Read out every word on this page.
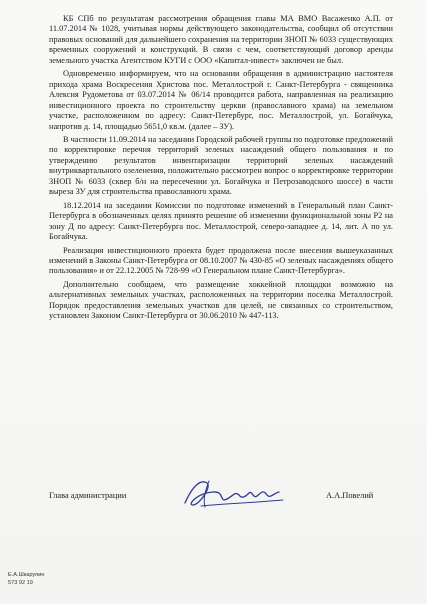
КБ СПб по результатам рассмотрения обращения главы МА ВМО Васаженко А.П. от 11.07.2014 № 1028, учитывая нормы действующего законодательства, сообщил об отсутствии правовых оснований для дальнейшего сохранения на территории ЗНОП № 6033 существующих временных сооружений и конструкций. В связи с чем, соответствующий договор аренды земельного участка Агентством КУГИ с ООО «Капитал-инвест» заключен не был.

Одновременно информируем, что на основании обращения в администрацию настоятеля прихода храма Воскресения Христова пос. Металлострой г. Санкт-Петербурга - священника Алексия Рудометова от 03.07.2014 № 06/14 проводится работа, направленная на реализацию инвестиционного проекта по строительству церкви (православного храма) на земельном участке, расположенном по адресу: Санкт-Петербург, пос. Металлострой, ул. Богайчука, напротив д. 14, площадью 5651,0 кв.м. (далее – ЗУ).

В частности 11.09.2014 на заседании Городской рабочей группы по подготовке предложений по корректировке перечня территорий зеленых насаждений общего пользования и по утверждению результатов инвентаризации территорий зеленых насаждений внутриквартального озеленения, положительно рассмотрен вопрос о корректировке территории ЗНОП № 6033 (сквер б/н на пересечении ул. Богайчука и Петрозаводского шоссе) в части выреза ЗУ для строительства православного храма.

18.12.2014 на заседании Комиссии по подготовке изменений в Генеральный план Санкт-Петербурга в обозначенных целях принято решение об изменении функциональной зоны Р2 на зону Д по адресу: Санкт-Петербурга пос. Металлострой, северо-западнее д. 14, лит. А по ул. Богайчука.

Реализация инвестиционного проекта будет продолжена после внесения вышеуказанных изменений в Законы Санкт-Петербурга от 08.10.2007 № 430-85 «О зеленых насаждениях общего пользования» и от 22.12.2005 № 728-99 «О Генеральном плане Санкт-Петербурга».

Дополнительно сообщаем, что размещение хоккейной площадки возможно на альтернативных земельных участках, расположенных на территории поселка Металлострой. Порядок предоставления земельных участков для целей, не связанных со строительством, установлен Законом Санкт-Петербурга от 30.06.2010 № 447-113.

Глава администрации	А.А.Повелий
Е.А.Шкарупин
573 92 19
